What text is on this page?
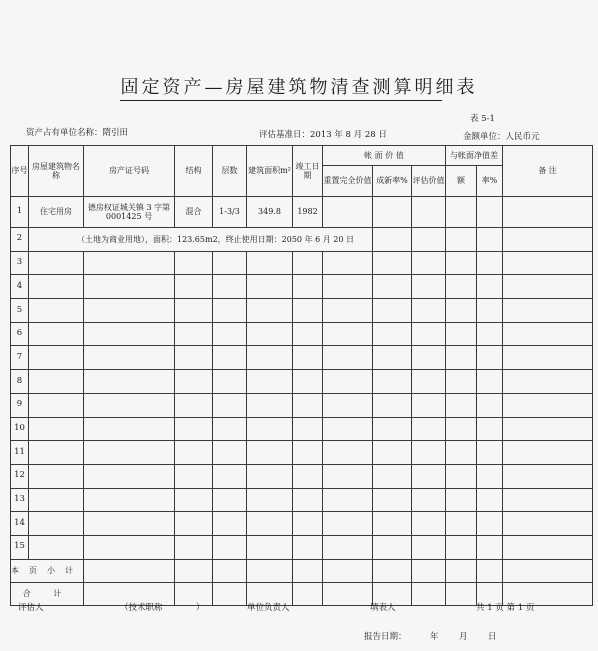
固定资产—房屋建筑物清查测算明细表
表 5-1
资产占有单位名称：隋引田	评估基准日：2013 年 8 月 28 日	金额单位：人民币元
序号	房屋建筑物名 称	房产证号码	结构	层数	建筑面积m²	竣工日期	帐 面 价 值			与帐面净值差		备 注
							重置完全价值	成新率%	评估价值	额	率%	
1	住宅用房	德房权证城关镇 3 字第 0001425 号	混合	1-3/3	349.8	1982						
2	（土地为商业用地），面积：123.65m2，终止使用日期：2050 年 6 月 20 日											
3												
4												
5												
6												
7												
8												
9												
10												
11												
12												
13												
14												
15												
本页小计												
合 计												
评估人	（技术职称	）	单位负责人	填表人	共 1 页 第 1 页
报告日期：	年 月 日
